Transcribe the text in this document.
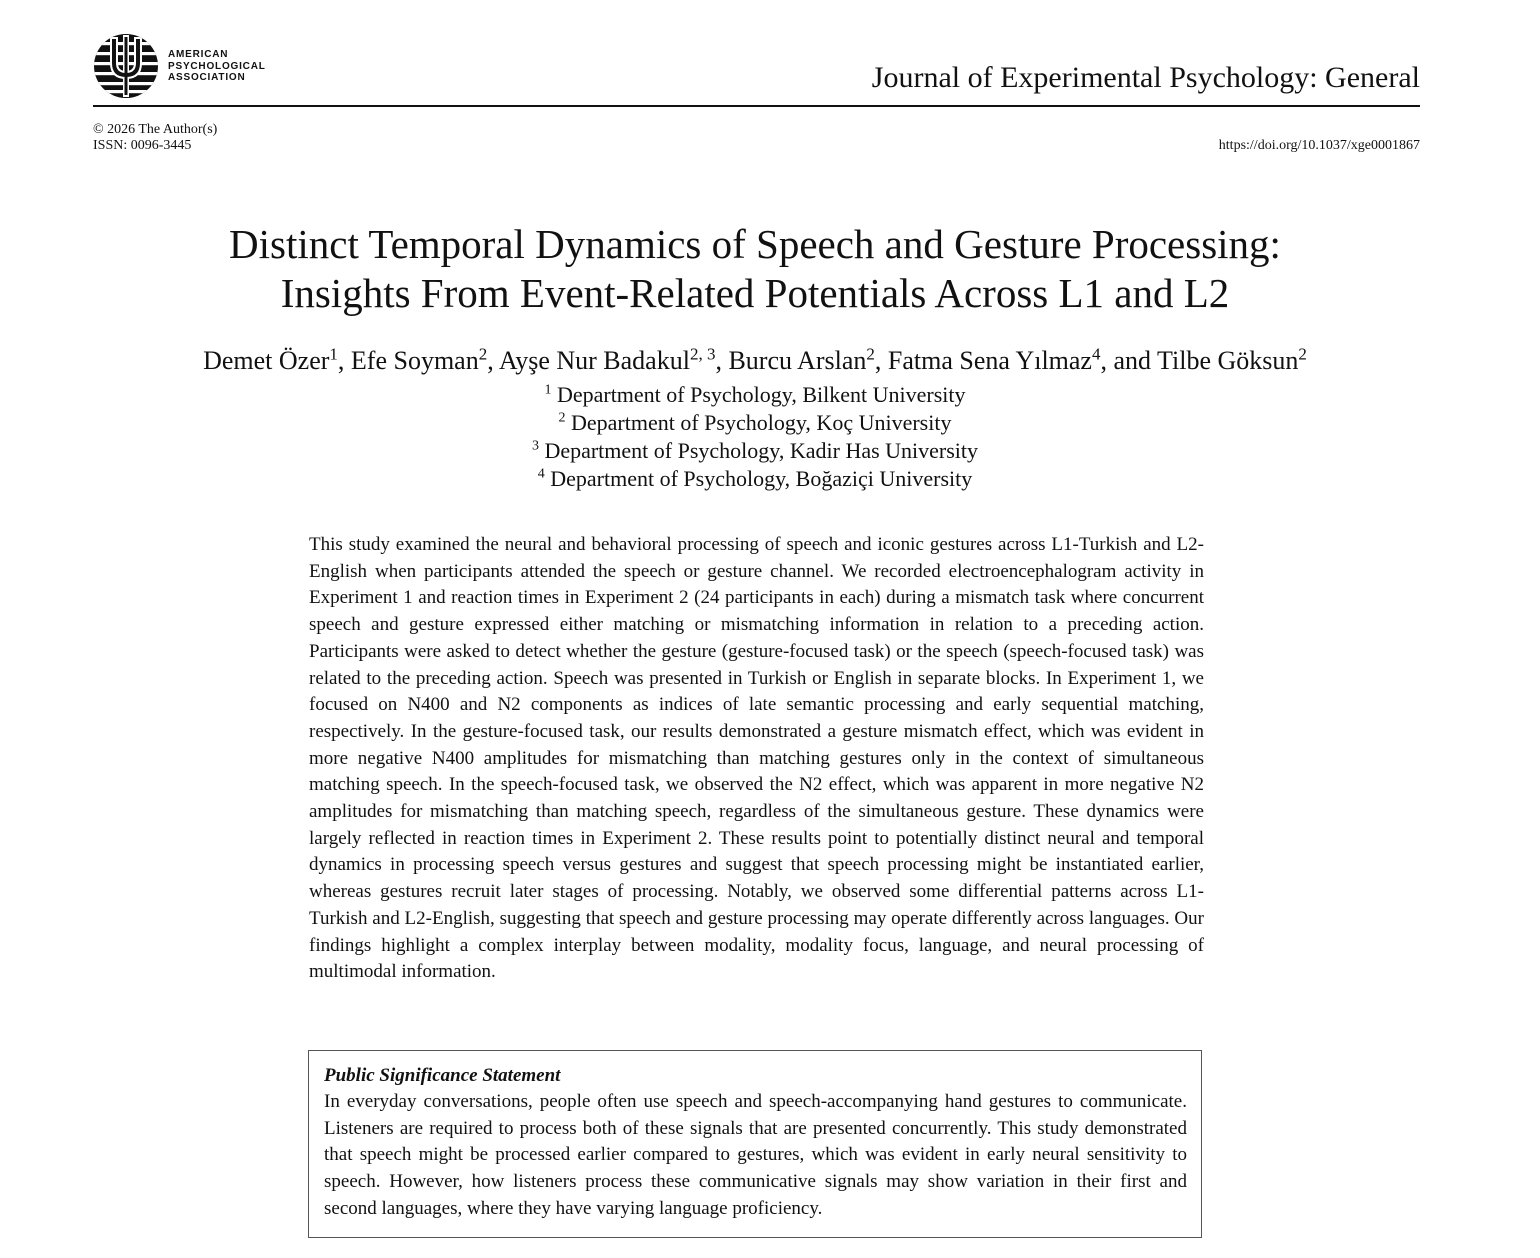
AMERICAN
PSYCHOLOGICAL
ASSOCIATION	Journal of Experimental Psychology: General
© 2026 The Author(s)
ISSN: 0096-3445	https://doi.org/10.1037/xge0001867
Distinct Temporal Dynamics of Speech and Gesture Processing:
Insights From Event-Related Potentials Across L1 and L2
Demet Özer$^1$, Efe Soyman$^2$, Ayşe Nur Badakul$^{2, 3}$, Burcu Arslan$^2$, Fatma Sena Yılmaz$^4$, and Tilbe Göksun$^2$
$^1$ Department of Psychology, Bilkent University
$^2$ Department of Psychology, Koç University
$^3$ Department of Psychology, Kadir Has University
$^4$ Department of Psychology, Boğaziçi University
This study examined the neural and behavioral processing of speech and iconic gestures across L1-Turkish and L2-English when participants attended the speech or gesture channel. We recorded electroencephalogram activity in Experiment 1 and reaction times in Experiment 2 (24 participants in each) during a mismatch task where concurrent speech and gesture expressed either matching or mismatching information in relation to a preceding action. Participants were asked to detect whether the gesture (gesture-focused task) or the speech (speech-focused task) was related to the preceding action. Speech was presented in Turkish or English in separate blocks. In Experiment 1, we focused on N400 and N2 components as indices of late semantic processing and early sequential matching, respectively. In the gesture-focused task, our results demonstrated a gesture mismatch effect, which was evident in more negative N400 amplitudes for mismatching than matching gestures only in the context of simultaneous matching speech. In the speech-focused task, we observed the N2 effect, which was apparent in more negative N2 amplitudes for mismatching than matching speech, regardless of the simultaneous gesture. These dynamics were largely reflected in reaction times in Experiment 2. These results point to potentially distinct neural and temporal dynamics in processing speech versus gestures and suggest that speech processing might be instantiated earlier, whereas gestures recruit later stages of processing. Notably, we observed some differential patterns across L1-Turkish and L2-English, suggesting that speech and gesture processing may operate differently across languages. Our findings highlight a complex interplay between modality, modality focus, language, and neural processing of multimodal information.
Public Significance Statement
In everyday conversations, people often use speech and speech-accompanying hand gestures to communicate. Listeners are required to process both of these signals that are presented concurrently. This study demonstrated that speech might be processed earlier compared to gestures, which was evident in early neural sensitivity to speech. However, how listeners process these communicative signals may show variation in their first and second languages, where they have varying language proficiency.
